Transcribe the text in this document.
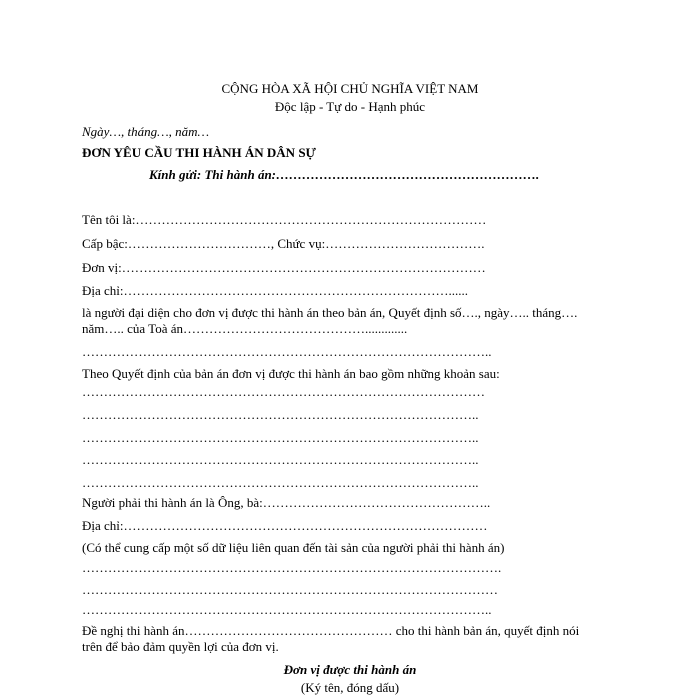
CỘNG HÒA XÃ HỘI CHỦ NGHĨA VIỆT NAM
Độc lập - Tự do - Hạnh phúc
Ngày…, tháng…, năm…
ĐƠN YÊU CẦU THI HÀNH ÁN DÂN SỰ
Kính gửi: Thi hành án:…………………………………………………….
Tên tôi là:………………………………………………………………………
Cấp bậc:……………………………, Chức vụ:……………………………….
Đơn vị:…………………………………………………………………………
Địa chỉ:…………………………………………………………………......
là người đại diện cho đơn vị được thi hành án theo bản án, Quyết định số…., ngày….. tháng….
năm….. của Toà án…………………………………….............
…………………………………………………………………………………..
Theo Quyết định của bản án đơn vị được thi hành án bao gồm những khoản sau:
…………………………………………………………………………………
………………………………………………………………………………..
………………………………………………………………………………..
………………………………………………………………………………..
………………………………………………………………………………..
Người phải thi hành án là Ông, bà:……………………………………………..
Địa chỉ:…………………………………………………………………………
(Có thể cung cấp một số dữ liệu liên quan đến tài sản của người phải thi hành án)
…………………………………………………………………………………….
……………………………………………………………………………………
…………………………………………………………………………………..
Đề nghị thi hành án………………………………………… cho thi hành bản án, quyết định nói
trên để bảo đảm quyền lợi của đơn vị.
Đơn vị được thi hành án
(Ký tên, đóng dấu)
